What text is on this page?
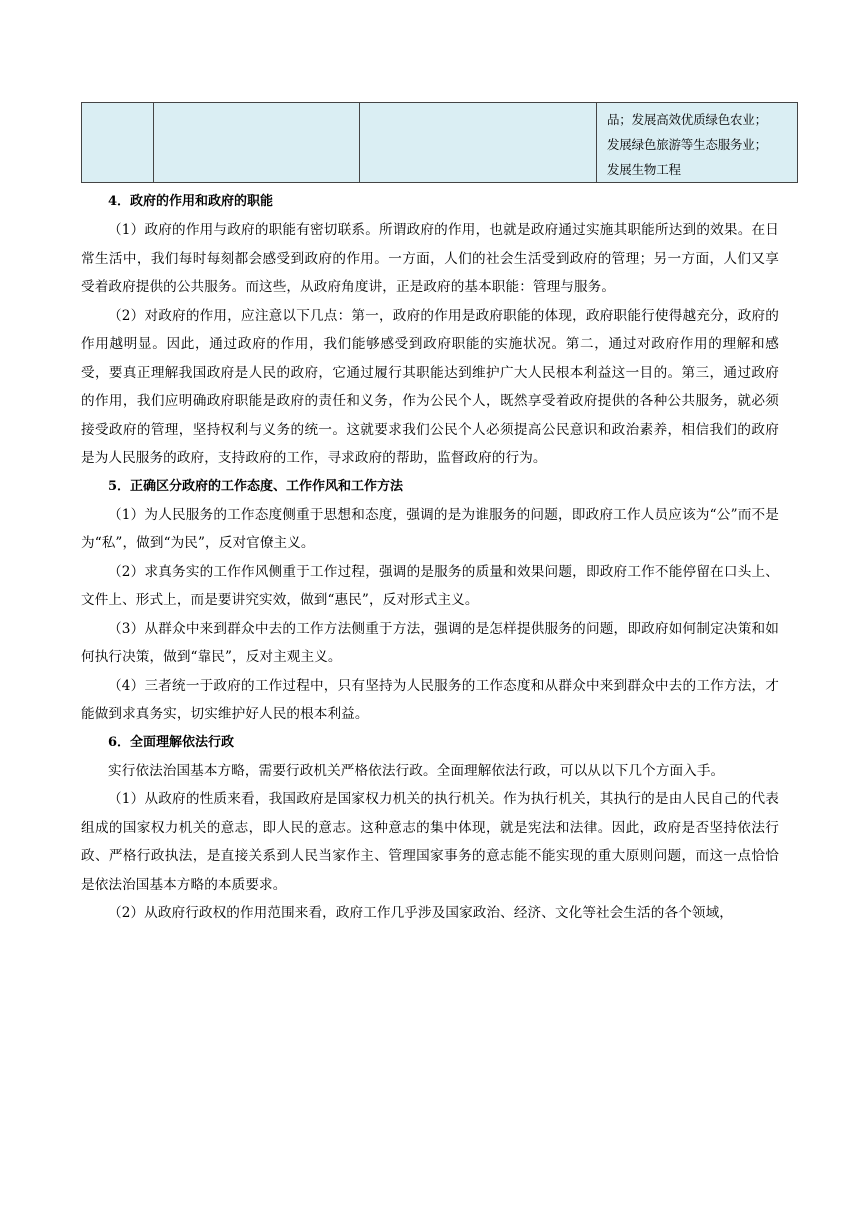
品；发展高效优质绿色农业；
发展绿色旅游等生态服务业；
发展生物工程
4．政府的作用和政府的职能

（1）政府的作用与政府的职能有密切联系。所谓政府的作用，也就是政府通过实施其职能所达到的效果。在日常生活中，我们每时每刻都会感受到政府的作用。一方面，人们的社会生活受到政府的管理；另一方面，人们又享受着政府提供的公共服务。而这些，从政府角度讲，正是政府的基本职能：管理与服务。

（2）对政府的作用，应注意以下几点：第一，政府的作用是政府职能的体现，政府职能行使得越充分，政府的作用越明显。因此，通过政府的作用，我们能够感受到政府职能的实施状况。第二，通过对政府作用的理解和感受，要真正理解我国政府是人民的政府，它通过履行其职能达到维护广大人民根本利益这一目的。第三，通过政府的作用，我们应明确政府职能是政府的责任和义务，作为公民个人，既然享受着政府提供的各种公共服务，就必须接受政府的管理，坚持权利与义务的统一。这就要求我们公民个人必须提高公民意识和政治素养，相信我们的政府是为人民服务的政府，支持政府的工作，寻求政府的帮助，监督政府的行为。

5．正确区分政府的工作态度、工作作风和工作方法

（1）为人民服务的工作态度侧重于思想和态度，强调的是为谁服务的问题，即政府工作人员应该为“公”而不是为“私”，做到“为民”，反对官僚主义。

（2）求真务实的工作作风侧重于工作过程，强调的是服务的质量和效果问题，即政府工作不能停留在口头上、文件上、形式上，而是要讲究实效，做到“惠民”，反对形式主义。

（3）从群众中来到群众中去的工作方法侧重于方法，强调的是怎样提供服务的问题，即政府如何制定决策和如何执行决策，做到“靠民”，反对主观主义。

（4）三者统一于政府的工作过程中，只有坚持为人民服务的工作态度和从群众中来到群众中去的工作方法，才能做到求真务实，切实维护好人民的根本利益。

6．全面理解依法行政

实行依法治国基本方略，需要行政机关严格依法行政。全面理解依法行政，可以从以下几个方面入手。

（1）从政府的性质来看，我国政府是国家权力机关的执行机关。作为执行机关，其执行的是由人民自己的代表组成的国家权力机关的意志，即人民的意志。这种意志的集中体现，就是宪法和法律。因此，政府是否坚持依法行政、严格行政执法，是直接关系到人民当家作主、管理国家事务的意志能不能实现的重大原则问题，而这一点恰恰是依法治国基本方略的本质要求。

（2）从政府行政权的作用范围来看，政府工作几乎涉及国家政治、经济、文化等社会生活的各个领域，
